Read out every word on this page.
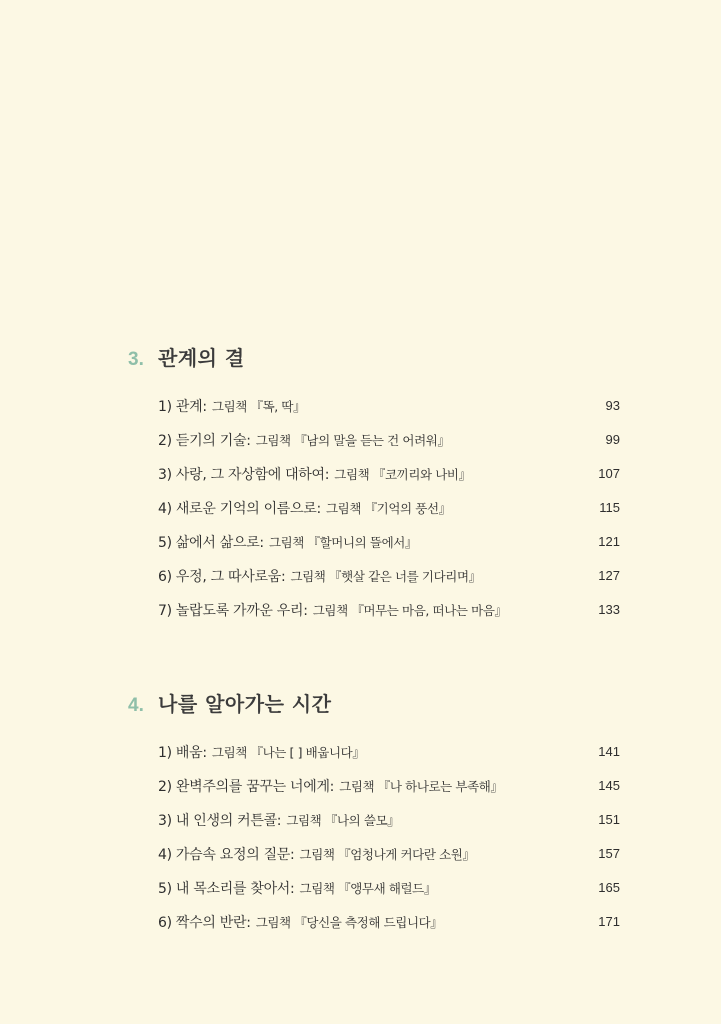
3. 관계의 결
1) 관계: 그림책 『똑, 딱』	93
2) 듣기의 기술: 그림책 『남의 말을 듣는 건 어려워』	99
3) 사랑, 그 자상함에 대하여: 그림책 『코끼리와 나비』	107
4) 새로운 기억의 이름으로: 그림책 『기억의 풍선』	115
5) 삶에서 삶으로: 그림책 『할머니의 뜰에서』	121
6) 우정, 그 따사로움: 그림책 『햇살 같은 너를 기다리며』	127
7) 놀랍도록 가까운 우리: 그림책 『머무는 마음, 떠나는 마음』	133
4. 나를 알아가는 시간
1) 배움: 그림책 『나는 [ ] 배웁니다』	141
2) 완벽주의를 꿈꾸는 너에게: 그림책 『나 하나로는 부족해』	145
3) 내 인생의 커튼콜: 그림책 『나의 쓸모』	151
4) 가슴속 요정의 질문: 그림책 『엄청나게 커다란 소원』	157
5) 내 목소리를 찾아서: 그림책 『앵무새 해럴드』	165
6) 짝수의 반란: 그림책 『당신을 측정해 드립니다』	171
